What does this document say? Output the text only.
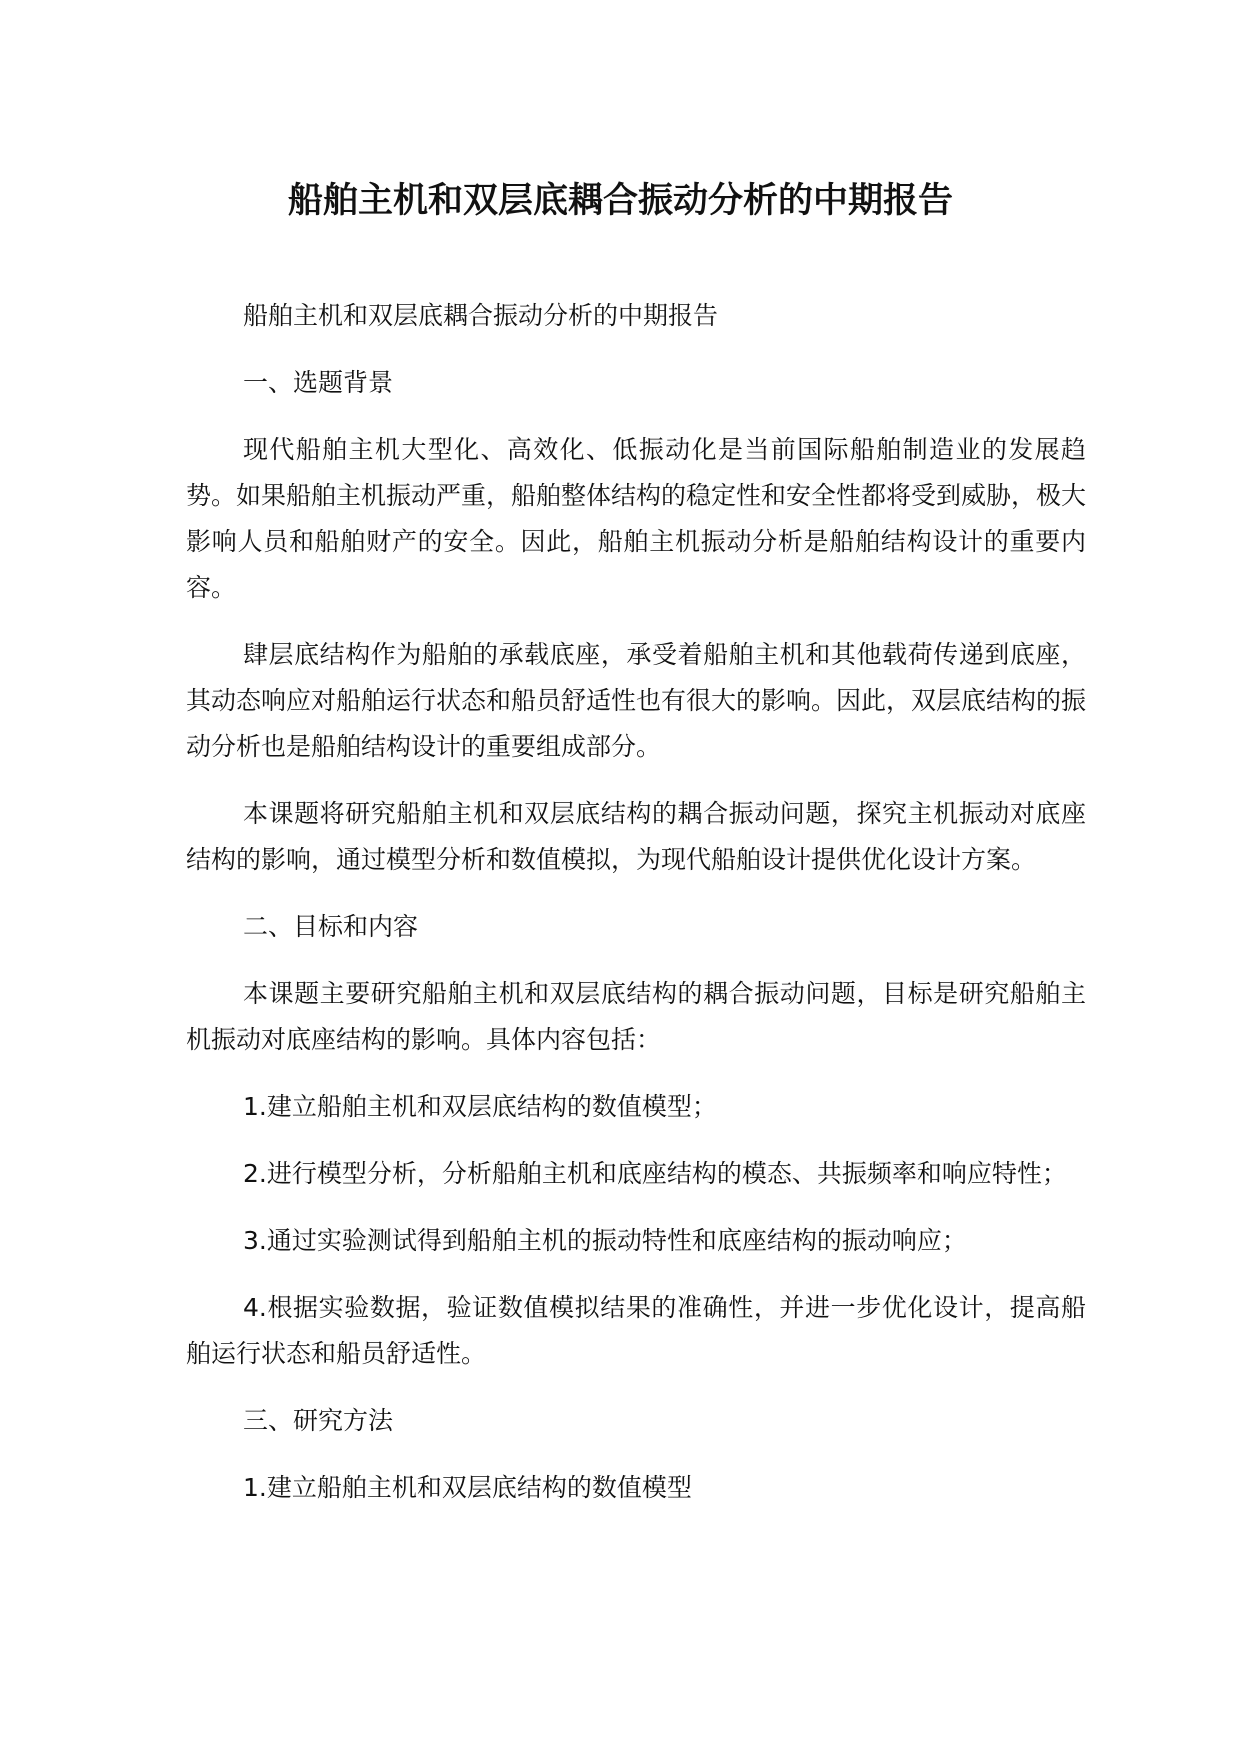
船舶主机和双层底耦合振动分析的中期报告

船舶主机和双层底耦合振动分析的中期报告

一、选题背景

现代船舶主机大型化、高效化、低振动化是当前国际船舶制造业的发展趋势。如果船舶主机振动严重，船舶整体结构的稳定性和安全性都将受到威胁，极大影响人员和船舶财产的安全。因此，船舶主机振动分析是船舶结构设计的重要内容。

肆层底结构作为船舶的承载底座，承受着船舶主机和其他载荷传递到底座，其动态响应对船舶运行状态和船员舒适性也有很大的影响。因此，双层底结构的振动分析也是船舶结构设计的重要组成部分。

本课题将研究船舶主机和双层底结构的耦合振动问题，探究主机振动对底座结构的影响，通过模型分析和数值模拟，为现代船舶设计提供优化设计方案。

二、目标和内容

本课题主要研究船舶主机和双层底结构的耦合振动问题，目标是研究船舶主机振动对底座结构的影响。具体内容包括：

1.建立船舶主机和双层底结构的数值模型；

2.进行模型分析，分析船舶主机和底座结构的模态、共振频率和响应特性；

3.通过实验测试得到船舶主机的振动特性和底座结构的振动响应；

4.根据实验数据，验证数值模拟结果的准确性，并进一步优化设计，提高船舶运行状态和船员舒适性。

三、研究方法

1.建立船舶主机和双层底结构的数值模型
